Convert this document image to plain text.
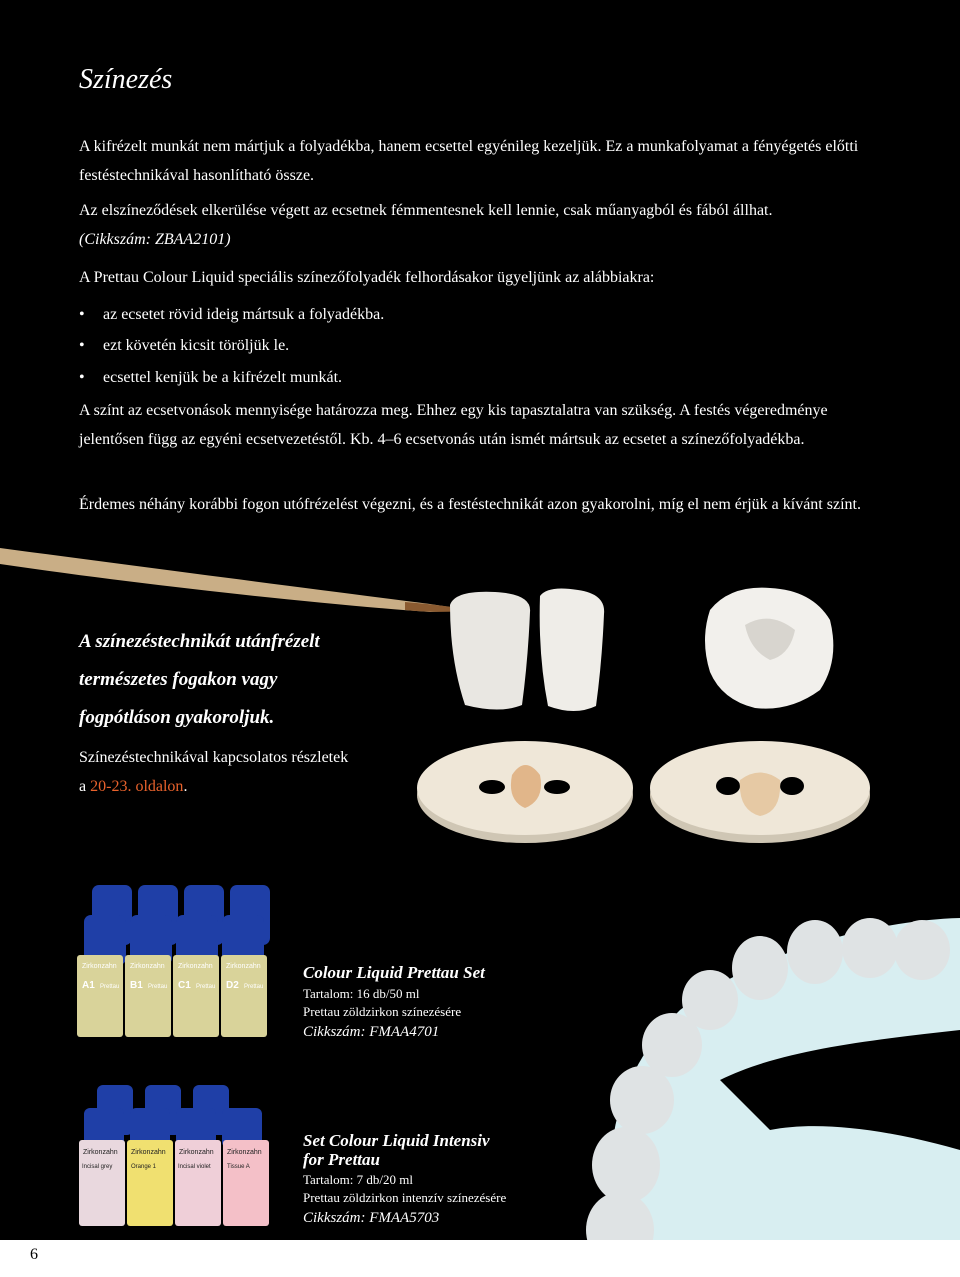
Zirkonzahn Zirkonzahn Zirkonzahn Zirkonzahn
A1	B1	C1	D2
Prettau	Prettau	Prettau	Prettau
Zirkonzahn Zirkonzahn Zirkonzahn Zirkonzahn
Incisal grey	Orange 1	Incisal violet	Tissue A
Színezés

A kifrézelt munkát nem mártjuk a folyadékba, hanem ecsettel egyénileg kezeljük. Ez a munkafolyamat a fényégetés előtti festéstechnikával hasonlítható össze.

Az elszíneződések elkerülése végett az ecsetnek fémmentesnek kell lennie, csak műanyagból és fából állhat.

(Cikkszám: ZBAA2101)

A Prettau Colour Liquid speciális színezőfolyadék felhordásakor ügyeljünk az alábbiakra:

• az ecsetet rövid ideig mártsuk a folyadékba.
• ezt követén kicsit töröljük le.
• ecsettel kenjük be a kifrézelt munkát.

A színt az ecsetvonások mennyisége határozza meg. Ehhez egy kis tapasztalatra van szükség. A festés végeredménye jelentősen függ az egyéni ecsetvezetéstől. Kb. 4–6 ecsetvonás után ismét mártsuk az ecsetet a színezőfolyadékba.

Érdemes néhány korábbi fogon utófrézelést végezni, és a festéstechnikát azon gyakorolni, míg el nem érjük a kívánt színt.

A színezéstechnikát utánfrézelt
természetes fogakon vagy
fogpótláson gyakoroljuk.
Színezéstechnikával kapcsolatos részletek
a 20-23. oldalon.
Colour Liquid Prettau Set
Tartalom: 16 db/50 ml
Prettau zöldzirkon színezésére
Cikkszám: FMAA4701
Set Colour Liquid Intensiv
for Prettau
Tartalom: 7 db/20 ml
Prettau zöldzirkon intenzív színezésére
Cikkszám: FMAA5703
6
